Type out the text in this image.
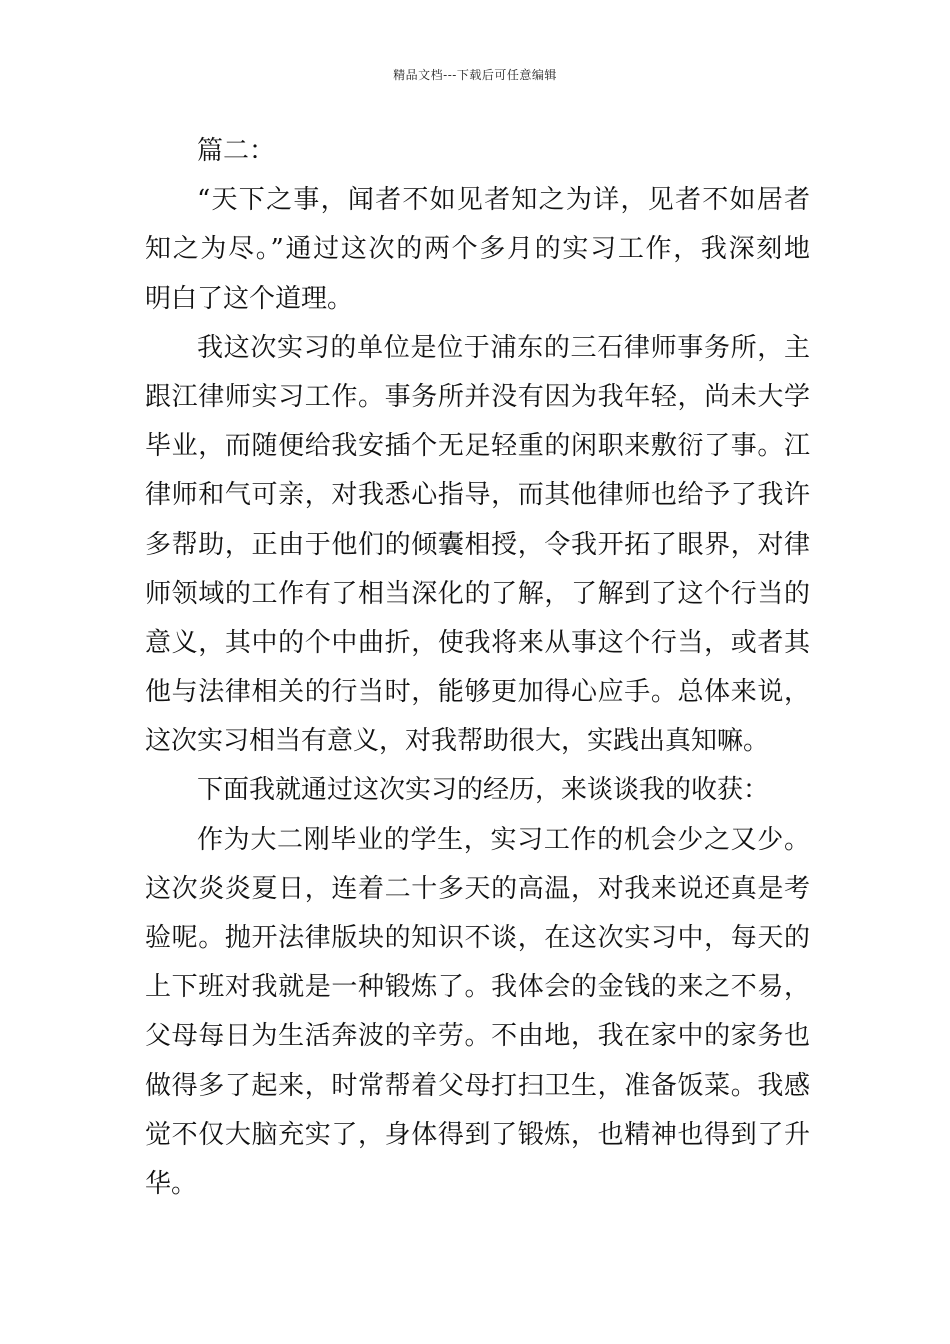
精品文档---下载后可任意编辑

篇二：

“天下之事，闻者不如见者知之为详，见者不如居者

知之为尽。”通过这次的两个多月的实习工作，我深刻地

明白了这个道理。

我这次实习的单位是位于浦东的三石律师事务所，主

跟江律师实习工作。事务所并没有因为我年轻，尚未大学

毕业，而随便给我安插个无足轻重的闲职来敷衍了事。江

律师和气可亲，对我悉心指导，而其他律师也给予了我许

多帮助，正由于他们的倾囊相授，令我开拓了眼界，对律

师领域的工作有了相当深化的了解，了解到了这个行当的

意义，其中的个中曲折，使我将来从事这个行当，或者其

他与法律相关的行当时，能够更加得心应手。总体来说，

这次实习相当有意义，对我帮助很大，实践出真知嘛。

下面我就通过这次实习的经历，来谈谈我的收获：

作为大二刚毕业的学生，实习工作的机会少之又少。

这次炎炎夏日，连着二十多天的高温，对我来说还真是考

验呢。抛开法律版块的知识不谈，在这次实习中，每天的

上下班对我就是一种锻炼了。我体会的金钱的来之不易，

父母每日为生活奔波的辛劳。不由地，我在家中的家务也

做得多了起来，时常帮着父母打扫卫生，准备饭菜。我感

觉不仅大脑充实了，身体得到了锻炼，也精神也得到了升

华。
